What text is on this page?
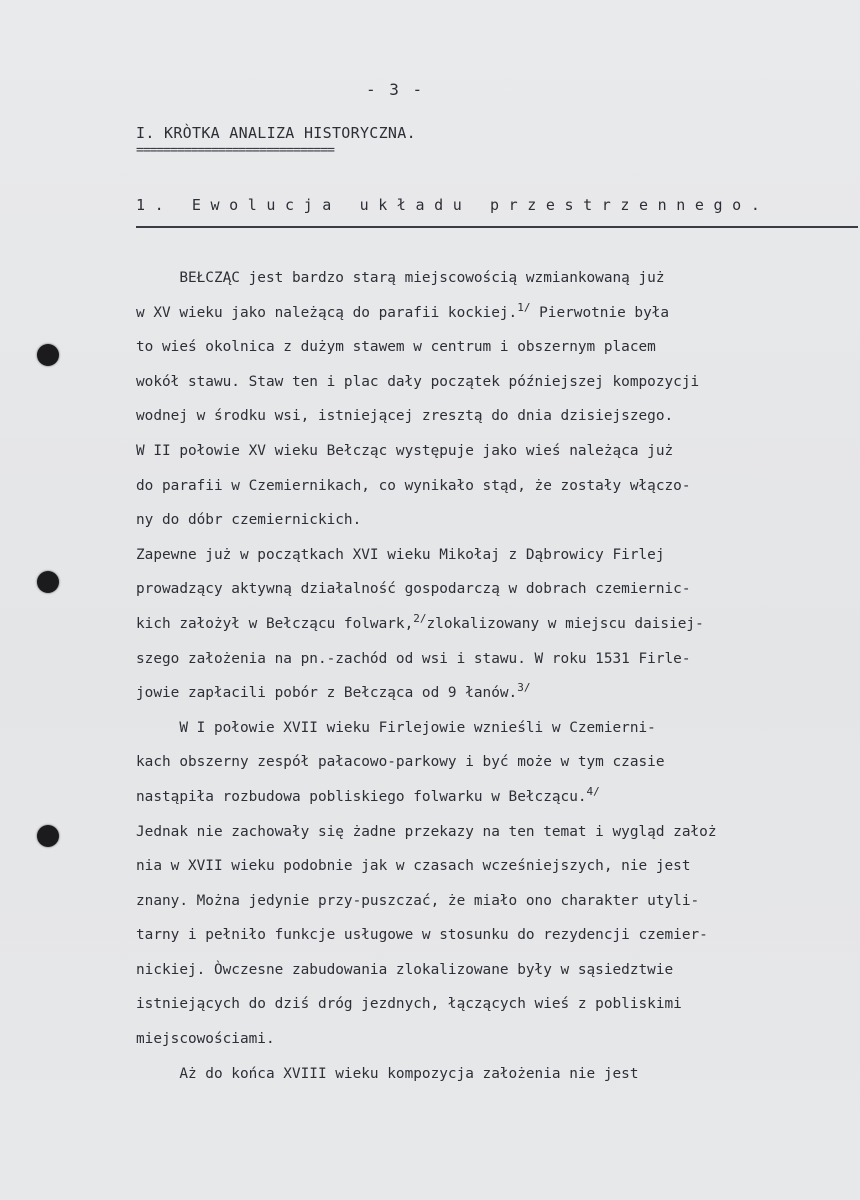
- 3 -
I. KRÒTKA ANALIZA HISTORYCZNA.
=============================
1. Ewolucja układu przestrzennego.
BEŁCZĄC jest bardzo starą miejscowością wzmiankowaną już
w XV wieku jako należącą do parafii kockiej.$^{1/}$ Pierwotnie była
to wieś okolnica z dużym stawem w centrum i obszernym placem
wokół stawu. Staw ten i plac dały początek późniejszej kompozycji
wodnej w środku wsi, istniejącej zresztą do dnia dzisiejszego.
W II połowie XV wieku Bełcząc występuje jako wieś należąca już
do parafii w Czemiernikach, co wynikało stąd, że zostały włączo-
ny do dóbr czemiernickich.
Zapewne już w początkach XVI wieku Mikołaj z Dąbrowicy Firlej
prowadzący aktywną działalność gospodarczą w dobrach czemiernic-
kich założył w Bełczącu folwark,$^{2/}$zlokalizowany w miejscu daisiej-
szego założenia na pn.-zachód od wsi i stawu. W roku 1531 Firle-
jowie zapłacili pobór z Bełcząca od 9 łanów.$^{3/}$
W I połowie XVII wieku Firlejowie wznieśli w Czemierni-
kach obszerny zespół pałacowo-parkowy i być może w tym czasie
nastąpiła rozbudowa pobliskiego folwarku w Bełczącu.$^{4/}$
Jednak nie zachowały się żadne przekazy na ten temat i wygląd założ
nia w XVII wieku podobnie jak w czasach wcześniejszych, nie jest
znany. Można jedynie przy-puszczać, że miało ono charakter utyli-
tarny i pełniło funkcje usługowe w stosunku do rezydencji czemier-
nickiej. Òwczesne zabudowania zlokalizowane były w sąsiedztwie
istniejących do dziś dróg jezdnych, łączących wieś z pobliskimi
miejscowościami.
Aż do końca XVIII wieku kompozycja założenia nie jest
